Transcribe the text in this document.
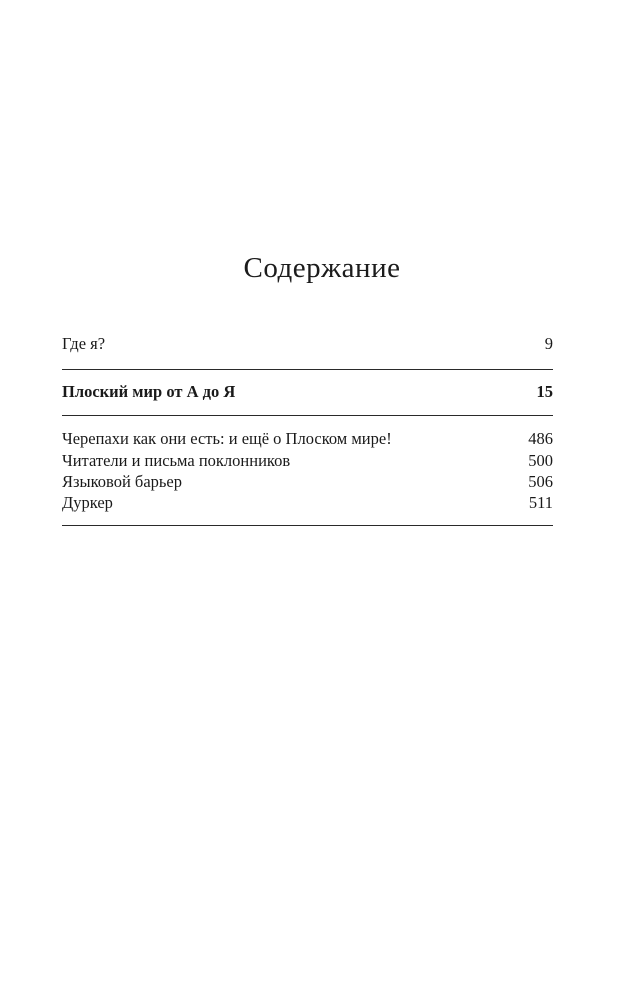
Содержание
Где я?	9
Плоский мир от А до Я	15
Черепахи как они есть: и ещё о Плоском мире!	486
Читатели и письма поклонников	500
Языковой барьер	506
Дуркер	511
